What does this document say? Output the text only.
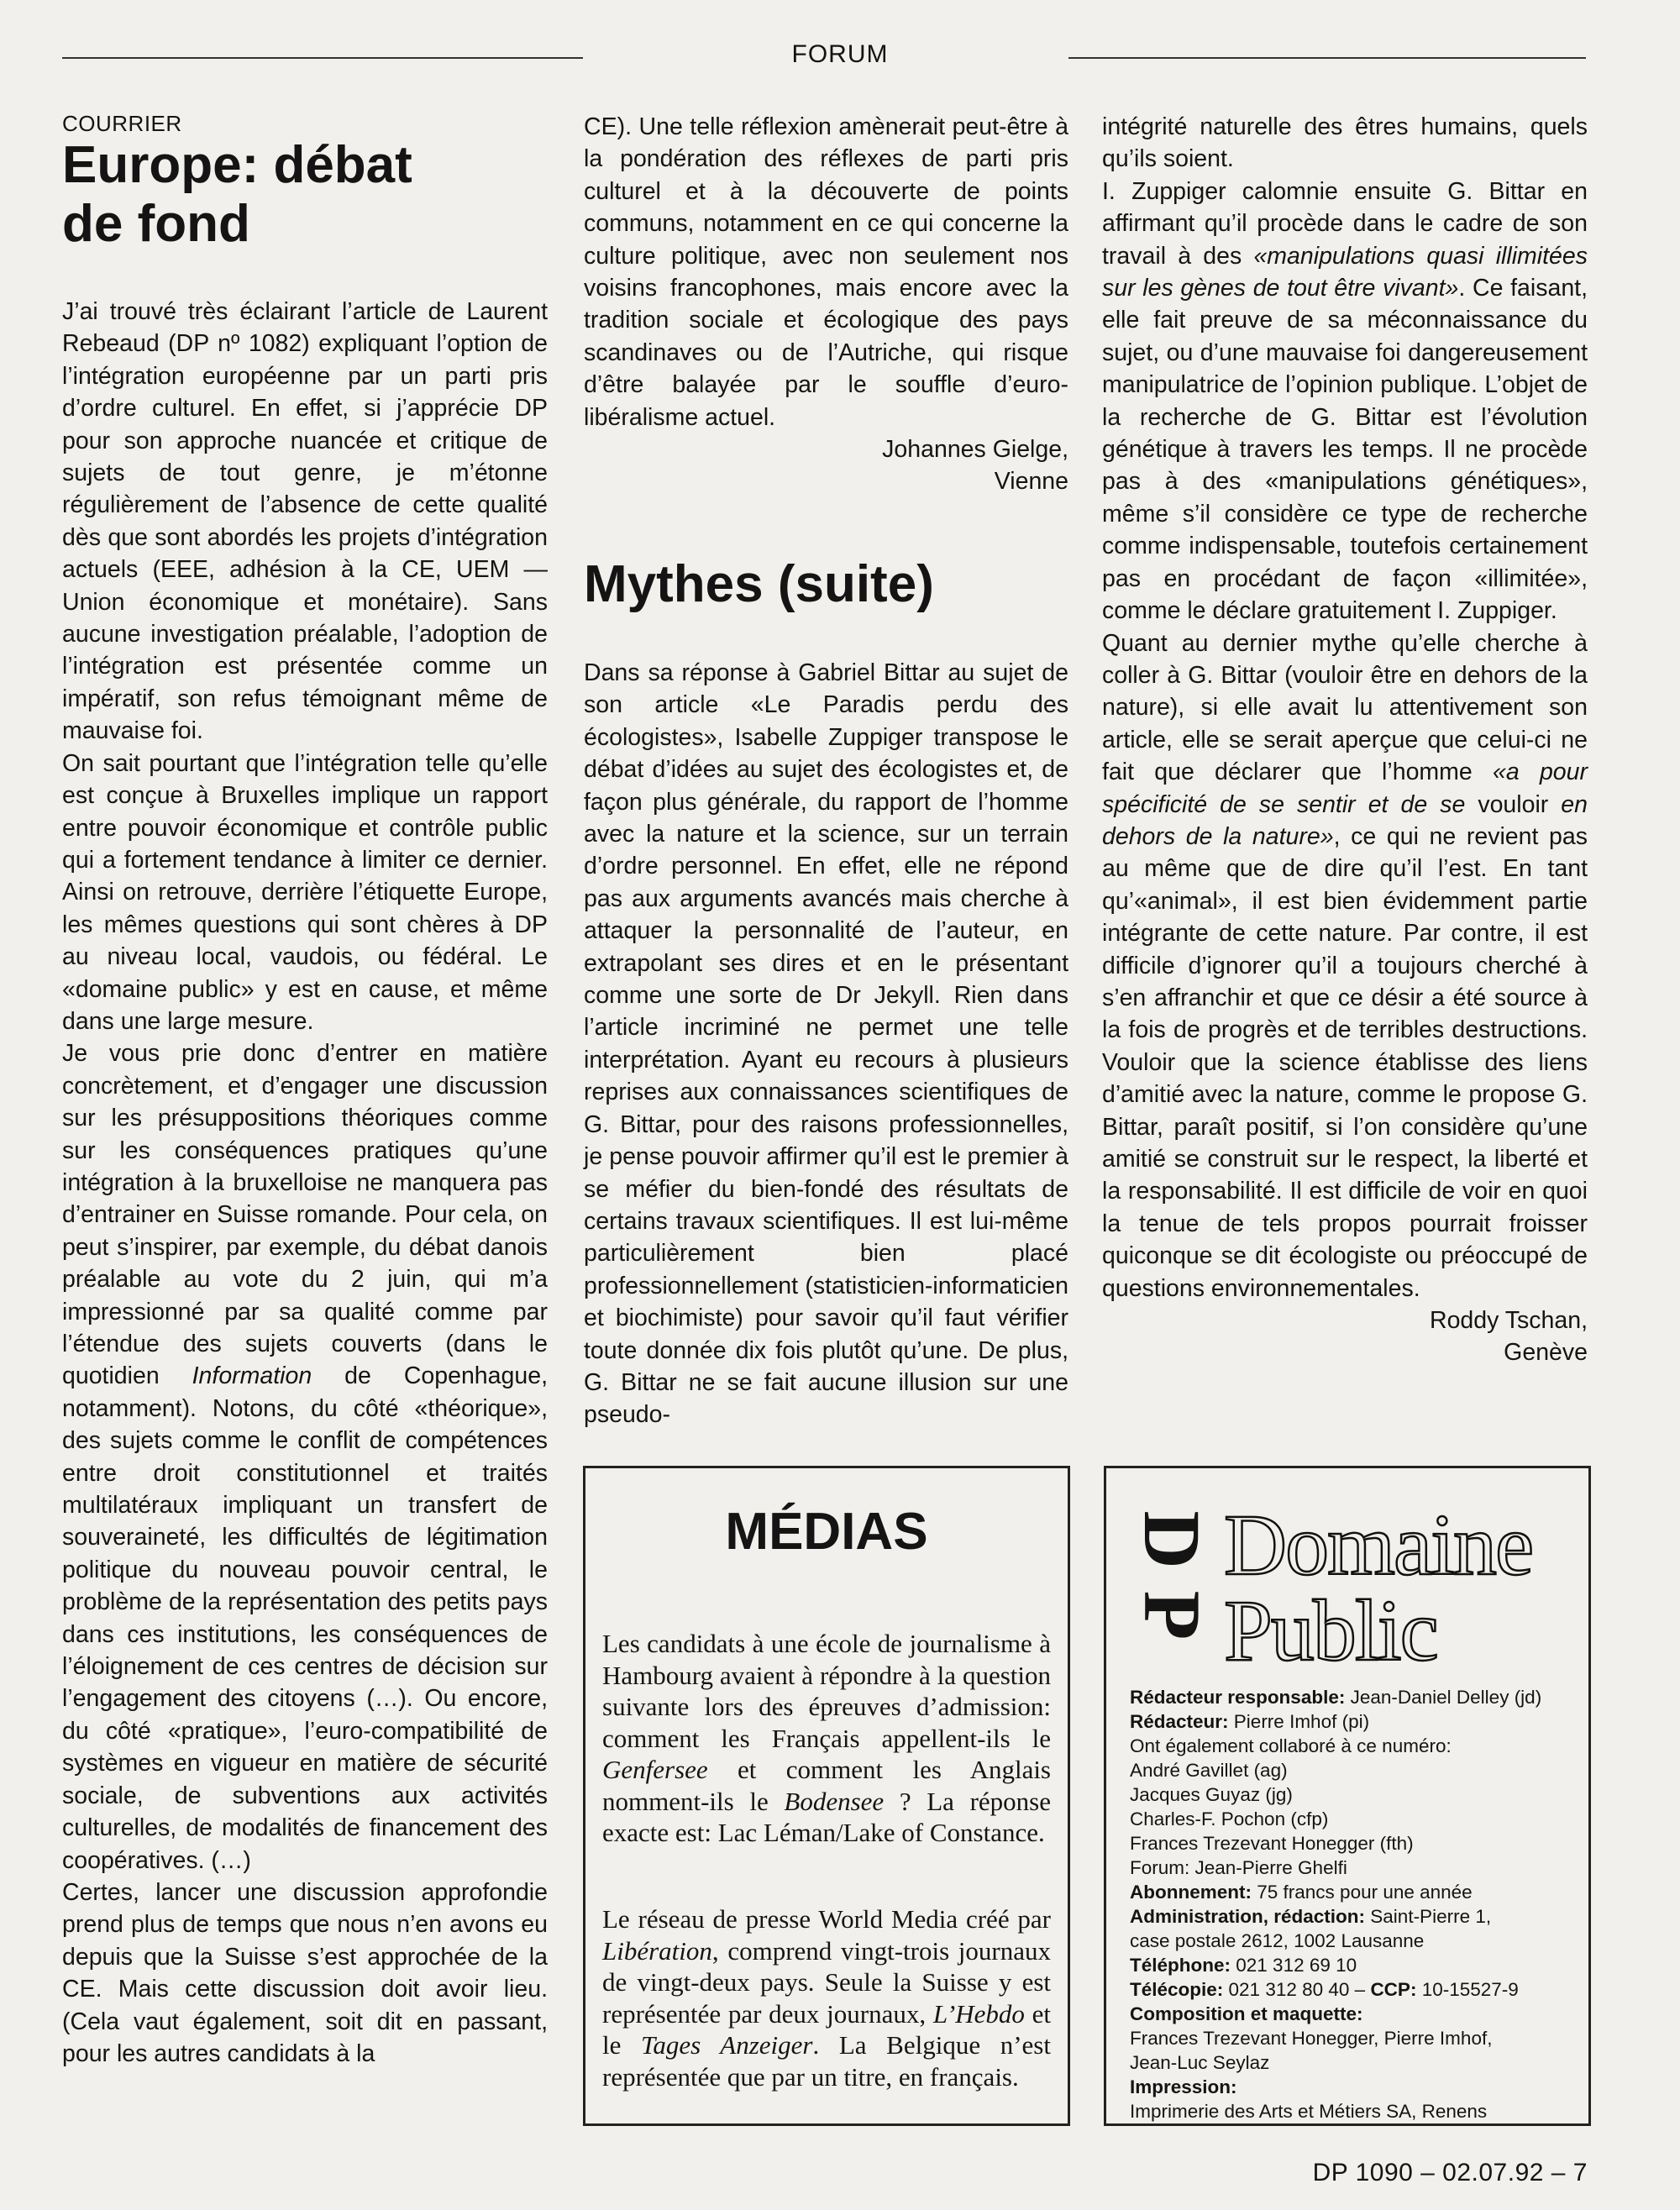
FORUM

COURRIER

Europe: débat

de fond

J’ai trouvé très éclairant l’article de Laurent Rebeaud (DP nº 1082) expliquant l’option de l’intégration européenne par un parti pris d’ordre culturel. En effet, si j’apprécie DP pour son approche nuancée et critique de sujets de tout genre, je m’étonne régulièrement de l’absence de cette qualité dès que sont abordés les projets d’intégration actuels (EEE, adhésion à la CE, UEM — Union économique et monétaire). Sans aucune investigation préalable, l’adoption de l’intégration est présentée comme un impératif, son refus témoignant même de mauvaise foi.

On sait pourtant que l’intégration telle qu’elle est conçue à Bruxelles implique un rapport entre pouvoir économique et contrôle public qui a fortement tendance à limiter ce dernier. Ainsi on retrouve, derrière l’étiquette Europe, les mêmes questions qui sont chères à DP au niveau local, vaudois, ou fédéral. Le «domaine public» y est en cause, et même dans une large mesure.

Je vous prie donc d’entrer en matière concrètement, et d’engager une discussion sur les présuppositions théoriques comme sur les conséquences pratiques qu’une intégration à la bruxelloise ne manquera pas d’entrainer en Suisse romande. Pour cela, on peut s’inspirer, par exemple, du débat danois préalable au vote du 2 juin, qui m’a impressionné par sa qualité comme par l’étendue des sujets couverts (dans le quotidien Information de Copenhague, notamment). Notons, du côté «théorique», des sujets comme le conflit de compétences entre droit constitutionnel et traités multilatéraux impliquant un transfert de souveraineté, les difficultés de légitimation politique du nouveau pouvoir central, le problème de la représentation des petits pays dans ces institutions, les conséquences de l’éloignement de ces centres de décision sur l’engagement des citoyens (…). Ou encore, du côté «pratique», l’euro-compatibilité de systèmes en vigueur en matière de sécurité sociale, de subventions aux activités culturelles, de modalités de financement des coopératives. (…)

Certes, lancer une discussion approfondie prend plus de temps que nous n’en avons eu depuis que la Suisse s’est approchée de la CE. Mais cette discussion doit avoir lieu. (Cela vaut également, soit dit en passant, pour les autres candidats à la

CE). Une telle réflexion amènerait peut-être à la pondération des réflexes de parti pris culturel et à la découverte de points communs, notamment en ce qui concerne la culture politique, avec non seulement nos voisins francophones, mais encore avec la tradition sociale et écologique des pays scandinaves ou de l’Autriche, qui risque d’être balayée par le souffle d’euro-libéralisme actuel.

Johannes Gielge,

Vienne

Mythes (suite)

Dans sa réponse à Gabriel Bittar au sujet de son article «Le Paradis perdu des écologistes», Isabelle Zuppiger transpose le débat d’idées au sujet des écologistes et, de façon plus générale, du rapport de l’homme avec la nature et la science, sur un terrain d’ordre personnel. En effet, elle ne répond pas aux arguments avancés mais cherche à attaquer la personnalité de l’auteur, en extrapolant ses dires et en le présentant comme une sorte de Dr Jekyll. Rien dans l’article incriminé ne permet une telle interprétation. Ayant eu recours à plusieurs reprises aux connaissances scientifiques de G. Bittar, pour des raisons professionnelles, je pense pouvoir affirmer qu’il est le premier à se méfier du bien-fondé des résultats de certains travaux scientifiques. Il est lui-même particulièrement bien placé professionnellement (statisticien-informaticien et biochimiste) pour savoir qu’il faut vérifier toute donnée dix fois plutôt qu’une. De plus, G. Bittar ne se fait aucune illusion sur une pseudo-

intégrité naturelle des êtres humains, quels qu’ils soient.

I. Zuppiger calomnie ensuite G. Bittar en affirmant qu’il procède dans le cadre de son travail à des «manipulations quasi illimitées sur les gènes de tout être vivant». Ce faisant, elle fait preuve de sa méconnaissance du sujet, ou d’une mauvaise foi dangereusement manipulatrice de l’opinion publique. L’objet de la recherche de G. Bittar est l’évolution génétique à travers les temps. Il ne procède pas à des «manipulations génétiques», même s’il considère ce type de recherche comme indispensable, toutefois certainement pas en procédant de façon «illimitée», comme le déclare gratuitement I. Zuppiger.

Quant au dernier mythe qu’elle cherche à coller à G. Bittar (vouloir être en dehors de la nature), si elle avait lu attentivement son article, elle se serait aperçue que celui-ci ne fait que déclarer que l’homme «a pour spécificité de se sentir et de se vouloir en dehors de la nature», ce qui ne revient pas au même que de dire qu’il l’est. En tant qu’«animal», il est bien évidemment partie intégrante de cette nature. Par contre, il est difficile d’ignorer qu’il a toujours cherché à s’en affranchir et que ce désir a été source à la fois de progrès et de terribles destructions. Vouloir que la science établisse des liens d’amitié avec la nature, comme le propose G. Bittar, paraît positif, si l’on considère qu’une amitié se construit sur le respect, la liberté et la responsabilité. Il est difficile de voir en quoi la tenue de tels propos pourrait froisser quiconque se dit écologiste ou préoccupé de questions environnementales.

Roddy Tschan,

Genève

MÉDIAS

Les candidats à une école de journalisme à Hambourg avaient à répondre à la question suivante lors des épreuves d’admission: comment les Français appellent-ils le Genfersee et comment les Anglais nomment-ils le Bodensee ? La réponse exacte est: Lac Léman/Lake of Constance.

Le réseau de presse World Media créé par Libération, comprend vingt-trois journaux de vingt-deux pays. Seule la Suisse y est représentée par deux journaux, L’Hebdo et le Tages Anzeiger. La Belgique n’est représentée que par un titre, en français.

D
P
Domaine
Public
Rédacteur responsable: Jean-Daniel Delley (jd)
Rédacteur: Pierre Imhof (pi)
Ont également collaboré à ce numéro:
André Gavillet (ag)
Jacques Guyaz (jg)
Charles-F. Pochon (cfp)
Frances Trezevant Honegger (fth)
Forum: Jean-Pierre Ghelfi
Abonnement: 75 francs pour une année
Administration, rédaction: Saint-Pierre 1,
case postale 2612, 1002 Lausanne
Téléphone: 021 312 69 10
Télécopie: 021 312 80 40 – CCP: 10-15527-9
Composition et maquette:
Frances Trezevant Honegger, Pierre Imhof,
Jean-Luc Seylaz
Impression:
Imprimerie des Arts et Métiers SA, Renens
DP 1090 – 02.07.92 – 7
